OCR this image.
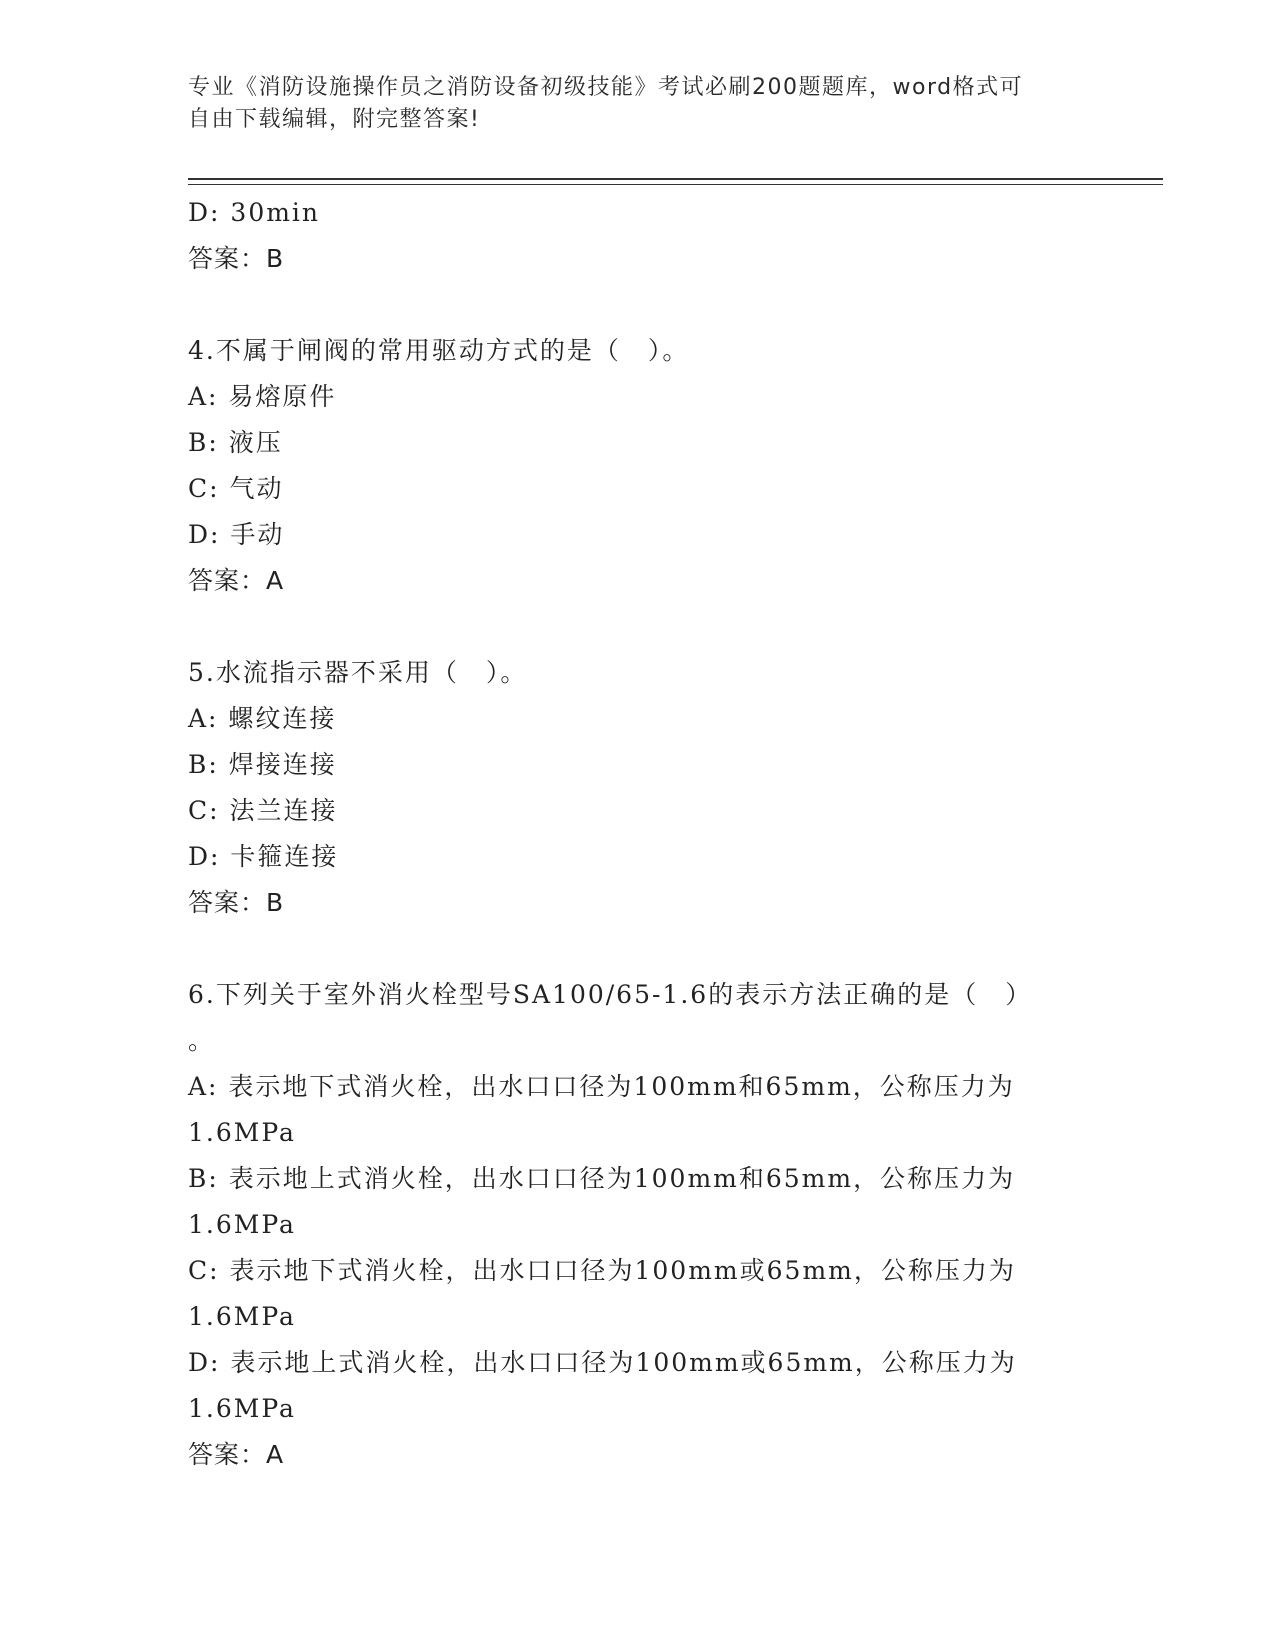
专业《消防设施操作员之消防设备初级技能》考试必刷200题题库，word格式可
自由下载编辑，附完整答案!
D: 30min
答案：B
4.不属于闸阀的常用驱动方式的是（　）。
A: 易熔原件
B: 液压
C: 气动
D: 手动
答案：A
5.水流指示器不采用（　）。
A: 螺纹连接
B: 焊接连接
C: 法兰连接
D: 卡箍连接
答案：B
6.下列关于室外消火栓型号SA100/65-1.6的表示方法正确的是（　）
。
A: 表示地下式消火栓，出水口口径为100mm和65mm，公称压力为
1.6MPa
B: 表示地上式消火栓，出水口口径为100mm和65mm，公称压力为
1.6MPa
C: 表示地下式消火栓，出水口口径为100mm或65mm，公称压力为
1.6MPa
D: 表示地上式消火栓，出水口口径为100mm或65mm，公称压力为
1.6MPa
答案：A
